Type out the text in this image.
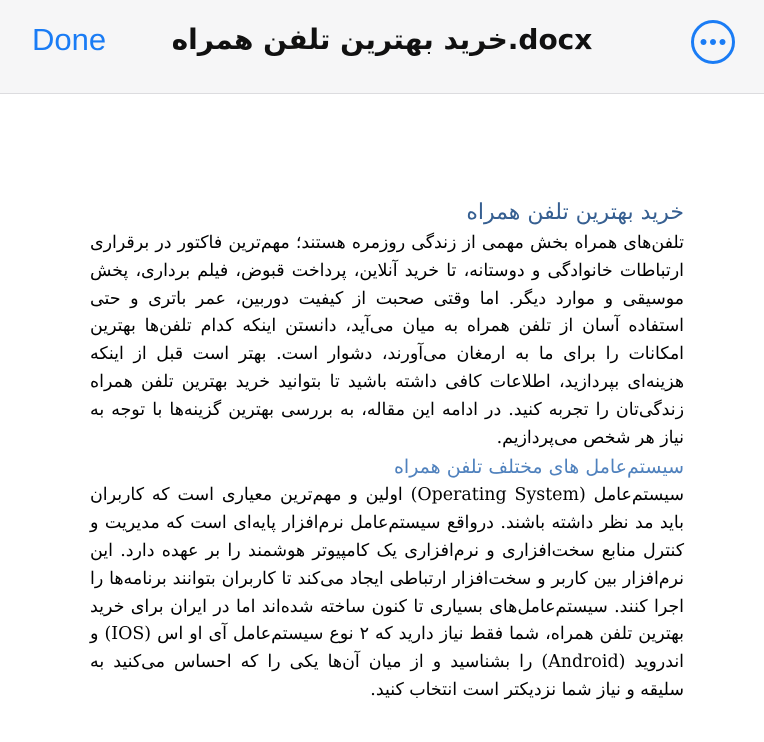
Done	خرید بهترین تلفن همراه.docx
خرید بهترین تلفن همراه

تلفن‌های همراه بخش مهمی از زندگی روزمره هستند؛ مهم‌ترین فاکتور در برقراری ارتباطات خانوادگی و دوستانه، تا خرید آنلاین، پرداخت قبوض، فیلم برداری، پخش موسیقی و موارد دیگر. اما وقتی صحبت از کیفیت دوربین، عمر باتری و حتی استفاده آسان از تلفن همراه به میان می‌آید، دانستن اینکه کدام تلفن‌ها بهترین امکانات را برای ما به ارمغان می‌آورند، دشوار است. بهتر است قبل از اینکه هزینه‌ای بپردازید، اطلاعات کافی داشته باشید تا بتوانید خرید بهترین تلفن همراه زندگی‌تان را تجربه کنید. در ادامه این مقاله، به بررسی بهترین گزینه‌ها با توجه به نیاز هر شخص می‌پردازیم.

سیستم‌عامل های مختلف تلفن همراه

سیستم‌عامل (Operating System) اولین و مهم‌ترین معیاری است که کاربران باید مد نظر داشته باشند. درواقع سیستم‌عامل نرم‌افزار پایه‌ای است که مدیریت و کنترل منابع سخت‌افزاری و نرم‌افزاری یک کامپیوتر هوشمند را بر عهده دارد. این نرم‌افزار بین کاربر و سخت‌افزار ارتباطی ایجاد می‌کند تا کاربران بتوانند برنامه‌ها را اجرا کنند. سیستم‌عامل‌های بسیاری تا کنون ساخته شده‌اند اما در ایران برای خرید بهترین تلفن همراه، شما فقط نیاز دارید که ۲ نوع سیستم‌عامل آی او اس (IOS) و اندروید (Android) را بشناسید و از میان آن‌ها یکی را که احساس می‌کنید به سلیقه و نیاز شما نزدیکتر است انتخاب کنید.
